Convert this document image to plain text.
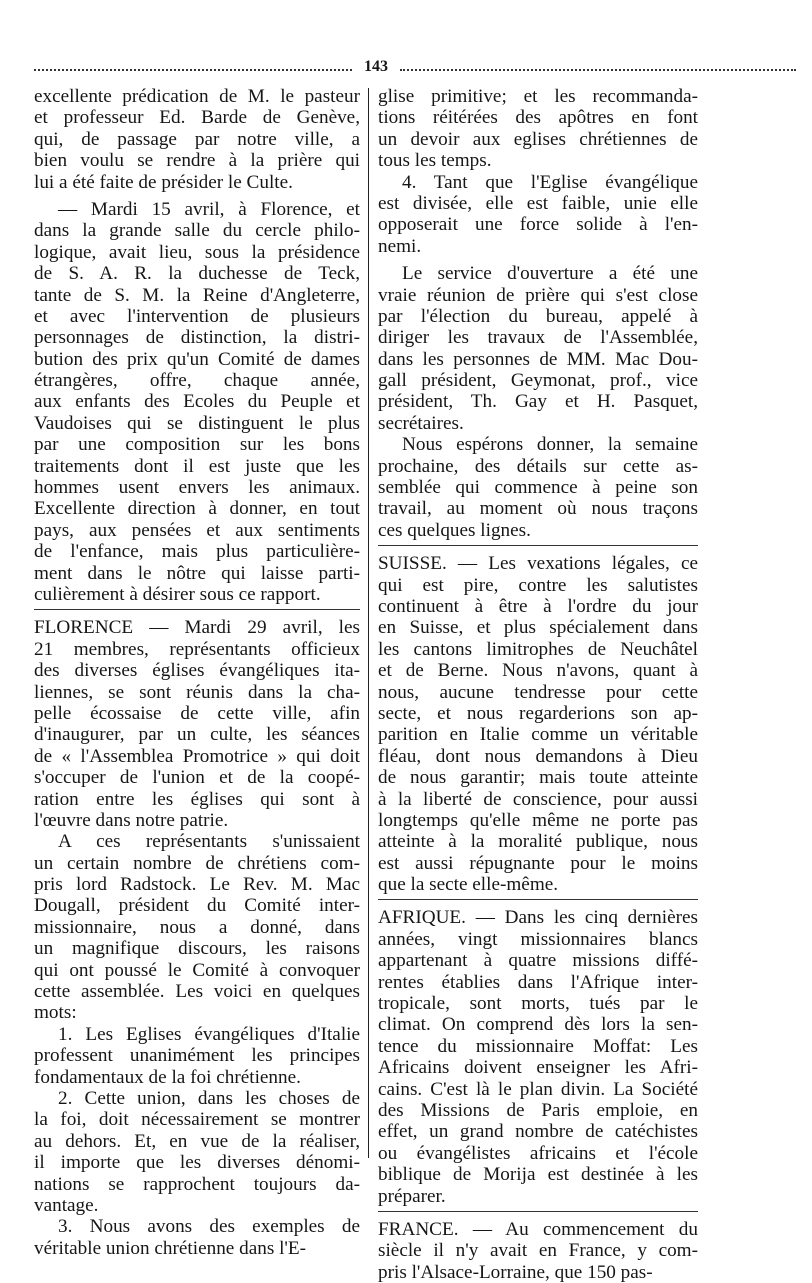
143
excellente prédication de M. le pasteur
et professeur Ed. Barde de Genève,
qui, de passage par notre ville, a
bien voulu se rendre à la prière qui
lui a été faite de présider le Culte.
— Mardi 15 avril, à Florence, et
dans la grande salle du cercle philo-
logique, avait lieu, sous la présidence
de S. A. R. la duchesse de Teck,
tante de S. M. la Reine d'Angleterre,
et avec l'intervention de plusieurs
personnages de distinction, la distri-
bution des prix qu'un Comité de dames
étrangères, offre, chaque année,
aux enfants des Ecoles du Peuple et
Vaudoises qui se distinguent le plus
par une composition sur les bons
traitements dont il est juste que les
hommes usent envers les animaux.
Excellente direction à donner, en tout
pays, aux pensées et aux sentiments
de l'enfance, mais plus particulière-
ment dans le nôtre qui laisse parti-
culièrement à désirer sous ce rapport.
FLORENCE — Mardi 29 avril, les
21 membres, représentants officieux
des diverses églises évangéliques ita-
liennes, se sont réunis dans la cha-
pelle écossaise de cette ville, afin
d'inaugurer, par un culte, les séances
de « l'Assemblea Promotrice » qui doit
s'occuper de l'union et de la coopé-
ration entre les églises qui sont à
l'œuvre dans notre patrie.
A ces représentants s'unissaient
un certain nombre de chrétiens com-
pris lord Radstock. Le Rev. M. Mac
Dougall, président du Comité inter-
missionnaire, nous a donné, dans
un magnifique discours, les raisons
qui ont poussé le Comité à convoquer
cette assemblée. Les voici en quelques
mots:
1. Les Eglises évangéliques d'Italie
professent unanimément les principes
fondamentaux de la foi chrétienne.
2. Cette union, dans les choses de
la foi, doit nécessairement se montrer
au dehors. Et, en vue de la réaliser,
il importe que les diverses dénomi-
nations se rapprochent toujours da-
vantage.
3. Nous avons des exemples de
véritable union chrétienne dans l'E-
glise primitive; et les recommanda-
tions réitérées des apôtres en font
un devoir aux eglises chrétiennes de
tous les temps.
4. Tant que l'Eglise évangélique
est divisée, elle est faible, unie elle
opposerait une force solide à l'en-
nemi.
Le service d'ouverture a été une
vraie réunion de prière qui s'est close
par l'élection du bureau, appelé à
diriger les travaux de l'Assemblée,
dans les personnes de MM. Mac Dou-
gall président, Geymonat, prof., vice
président, Th. Gay et H. Pasquet,
secrétaires.
Nous espérons donner, la semaine
prochaine, des détails sur cette as-
semblée qui commence à peine son
travail, au moment où nous traçons
ces quelques lignes.
SUISSE. — Les vexations légales, ce
qui est pire, contre les salutistes
continuent à être à l'ordre du jour
en Suisse, et plus spécialement dans
les cantons limitrophes de Neuchâtel
et de Berne. Nous n'avons, quant à
nous, aucune tendresse pour cette
secte, et nous regarderions son ap-
parition en Italie comme un véritable
fléau, dont nous demandons à Dieu
de nous garantir; mais toute atteinte
à la liberté de conscience, pour aussi
longtemps qu'elle même ne porte pas
atteinte à la moralité publique, nous
est aussi répugnante pour le moins
que la secte elle-même.
AFRIQUE. — Dans les cinq dernières
années, vingt missionnaires blancs
appartenant à quatre missions diffé-
rentes établies dans l'Afrique inter-
tropicale, sont morts, tués par le
climat. On comprend dès lors la sen-
tence du missionnaire Moffat: Les
Africains doivent enseigner les Afri-
cains. C'est là le plan divin. La Société
des Missions de Paris emploie, en
effet, un grand nombre de catéchistes
ou évangélistes africains et l'école
biblique de Morija est destinée à les
préparer.
FRANCE. — Au commencement du
siècle il n'y avait en France, y com-
pris l'Alsace-Lorraine, que 150 pas-
